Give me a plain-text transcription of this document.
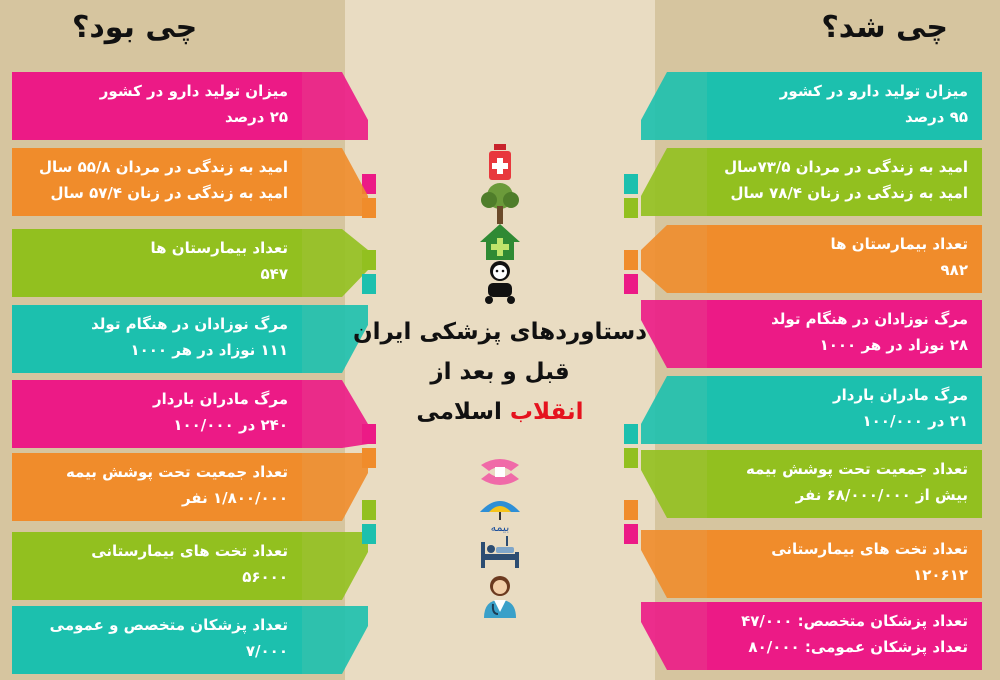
چی بود؟	چی شد؟
میزان تولید دارو در کشور
۲۵ درصد
امید به زندگی در مردان ۵۵/۸ سال
امید به زندگی در زنان ۵۷/۴ سال
تعداد بیمارستان ها
۵۴۷
مرگ نوزادان در هنگام تولد
۱۱۱ نوزاد در هر ۱۰۰۰
مرگ مادران باردار
۲۴۰ در ۱۰۰/۰۰۰
تعداد جمعیت تحت پوشش بیمه
۱/۸۰۰/۰۰۰ نفر
تعداد تخت های بیمارستانی
۵۶۰۰۰
تعداد پزشکان متخصص و عمومی
۷/۰۰۰
میزان تولید دارو در کشور
۹۵ درصد
امید به زندگی در مردان ۷۳/۵سال
امید به زندگی در زنان ۷۸/۴ سال
تعداد بیمارستان ها
۹۸۲
مرگ نوزادان در هنگام تولد
۲۸ نوزاد در هر ۱۰۰۰
مرگ مادران باردار
۲۱ در ۱۰۰/۰۰۰
تعداد جمعیت تحت پوشش بیمه
بیش از ۶۸/۰۰۰/۰۰۰ نفر
تعداد تخت های بیمارستانی
۱۲۰۶۱۲
تعداد پزشکان متخصص: ۴۷/۰۰۰
تعداد پزشکان عمومی: ۸۰/۰۰۰
دستاوردهای پزشکی ایران
قبل و بعد از
انقلاب اسلامی
بیمه
